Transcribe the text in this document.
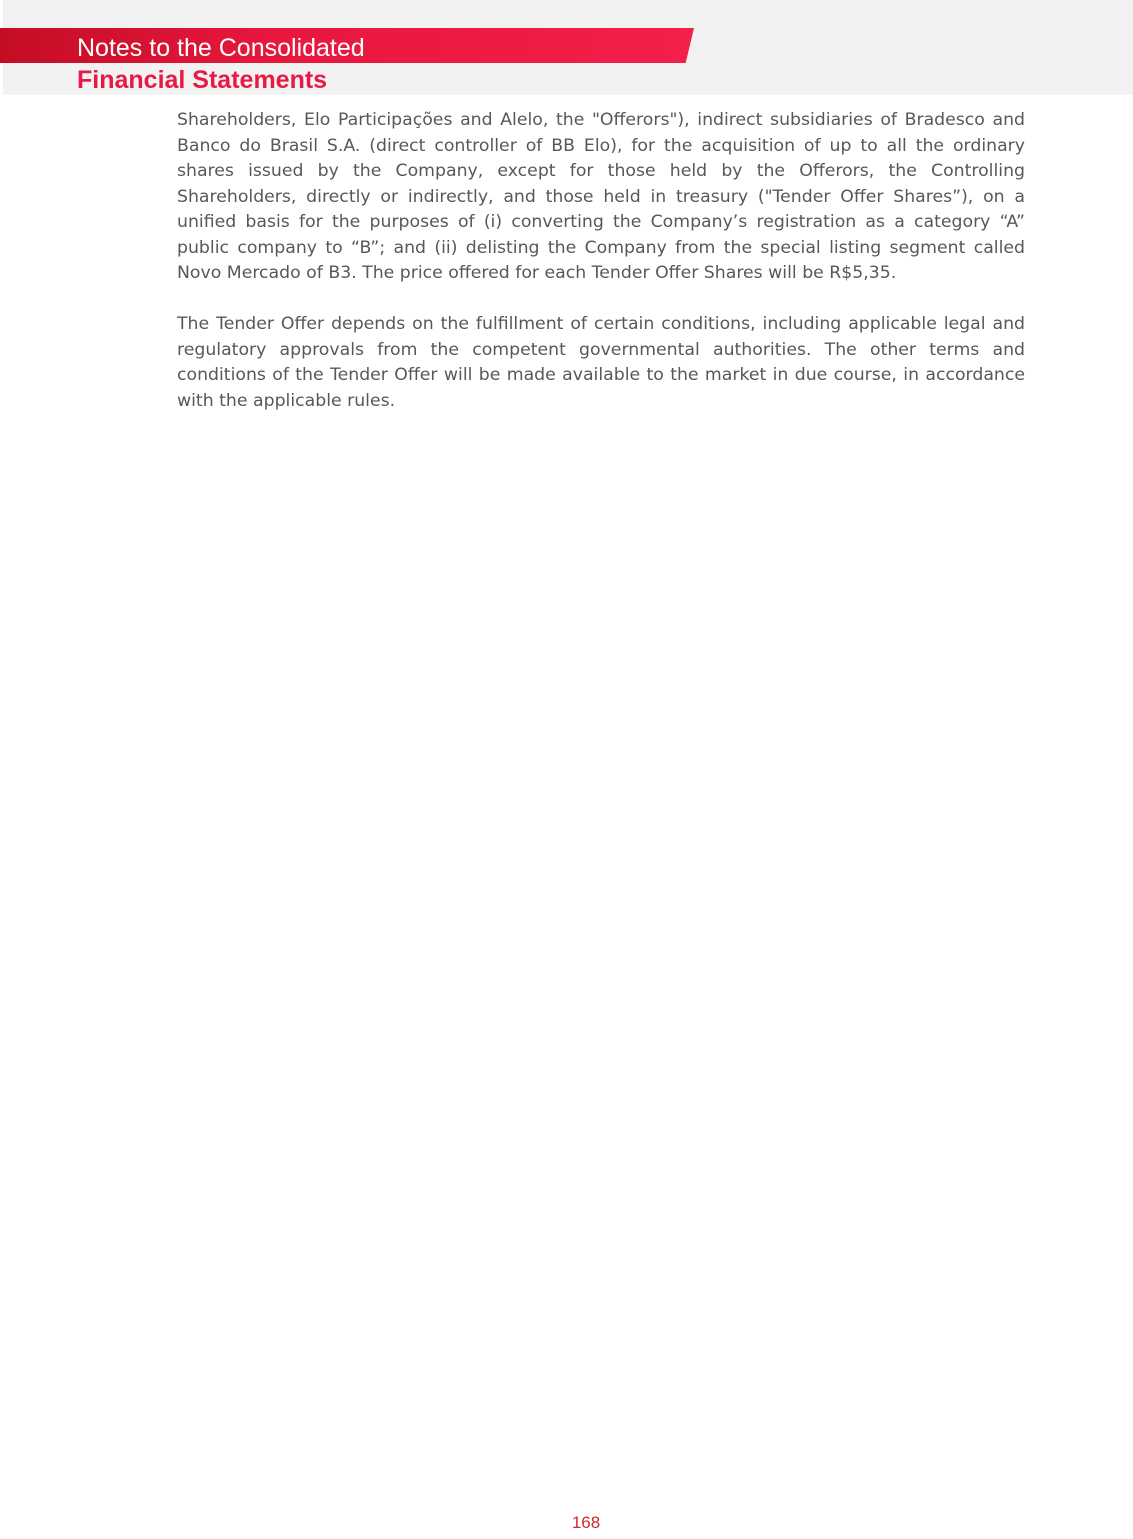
Notes to the Consolidated
Financial Statements

Shareholders, Elo Participações and Alelo, the "Offerors"), indirect subsidiaries of Bradesco and Banco do Brasil S.A. (direct controller of BB Elo), for the acquisition of up to all the ordinary shares issued by the Company, except for those held by the Offerors, the Controlling Shareholders, directly or indirectly, and those held in treasury ("Tender Offer Shares”), on a unified basis for the purposes of (i) converting the Company’s registration as a category “A” public company to “B”; and (ii) delisting the Company from the special listing segment called Novo Mercado of B3. The price offered for each Tender Offer Shares will be R$5,35.

The Tender Offer depends on the fulfillment of certain conditions, including applicable legal and regulatory approvals from the competent governmental authorities. The other terms and conditions of the Tender Offer will be made available to the market in due course, in accordance with the applicable rules.

168
